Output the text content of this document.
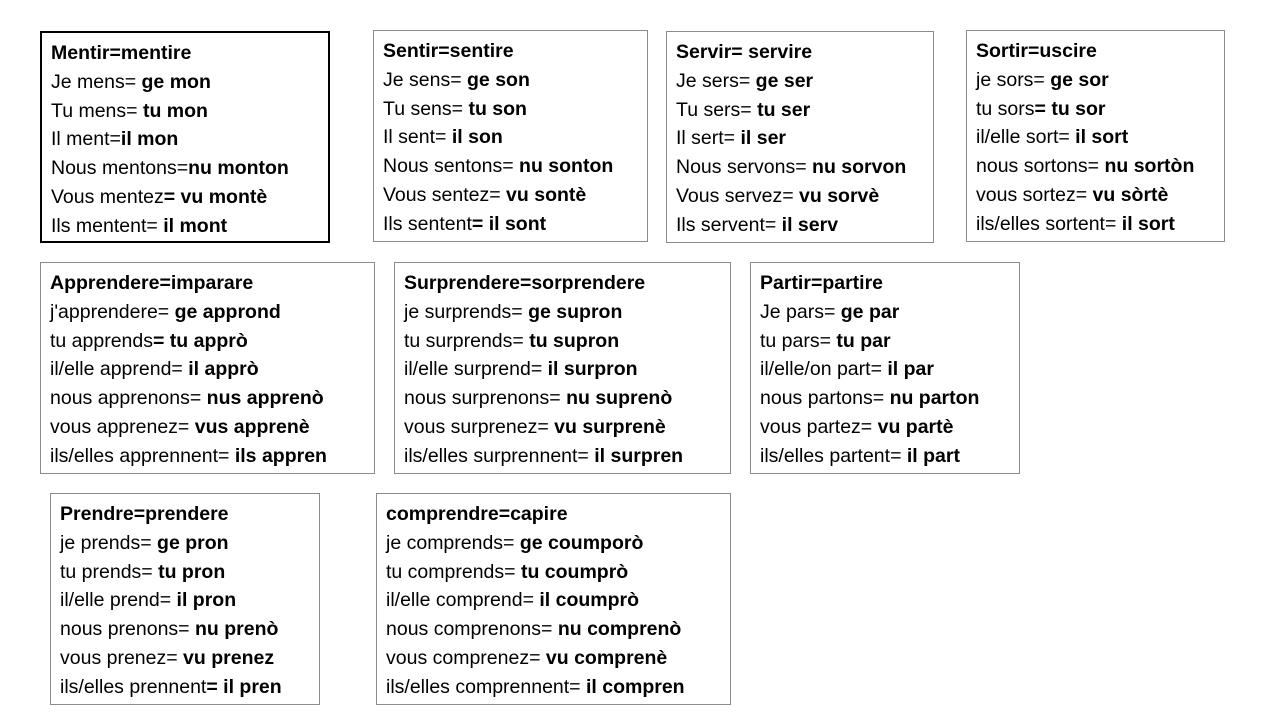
Mentir=mentire
Je mens= ge mon
Tu mens= tu mon
Il ment=il mon
Nous mentons=nu monton
Vous mentez= vu montè
Ils mentent= il mont
Sentir=sentire
Je sens= ge son
Tu sens= tu son
Il sent= il son
Nous sentons= nu sonton
Vous sentez= vu sontè
Ils sentent= il sont
Servir= servire
Je sers= ge ser
Tu sers= tu ser
Il sert= il ser
Nous servons= nu sorvon
Vous servez= vu sorvè
Ils servent= il serv
Sortir=uscire
je sors= ge sor
tu sors= tu sor
il/elle sort= il sort
nous sortons= nu sortòn
vous sortez= vu sòrtè
ils/elles sortent= il sort
Apprendere=imparare
j'apprendere= ge apprond
tu apprends= tu apprò
il/elle apprend= il apprò
nous apprenons= nus apprenò
vous apprenez= vus apprenè
ils/elles apprennent= ils appren
Surprendere=sorprendere
je surprends= ge supron
tu surprends= tu supron
il/elle surprend= il surpron
nous surprenons= nu suprenò
vous surprenez= vu surprenè
ils/elles surprennent= il surpren
Partir=partire
Je pars= ge par
tu pars= tu par
il/elle/on part= il par
nous partons= nu parton
vous partez= vu partè
ils/elles partent= il part
Prendre=prendere
je prends= ge pron
tu prends= tu pron
il/elle prend= il pron
nous prenons= nu prenò
vous prenez= vu prenez
ils/elles prennent= il pren
comprendre=capire
je comprends= ge coumporò
tu comprends= tu coumprò
il/elle comprend= il coumprò
nous comprenons= nu comprenò
vous comprenez= vu comprenè
ils/elles comprennent= il compren
